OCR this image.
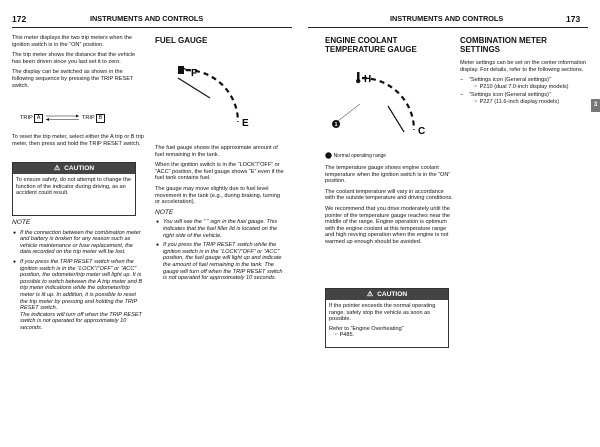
172	INSTRUMENTS AND CONTROLS

This meter displays the two trip meters when the ignition switch is in the “ON” position.

The trip meter shows the distance that the vehicle has been driven since you last set it to zero.

The display can be switched as shown in the following sequence by pressing the TRIP RESET switch.

TRIP A	TRIP B

To reset the trip meter, select either the A trip or B trip meter, then press and hold the TRIP RESET switch.

⚠ CAUTION
To ensure safety, do not attempt to change the function of the indicator during driving, as an accident could result.
NOTE
● If the connection between the combination meter and battery is broken for any reason such as vehicle maintenance or fuse replacement, the data recorded on the trip meter will be lost.
● If you press the TRIP RESET switch when the ignition switch is in the “LOCK”/“OFF” or “ACC” position, the odometer/trip meter will light up. It is possible to switch between the A trip meter and B trip meter indications while the odometer/trip meter is lit up. In addition, it is possible to reset the trip meter by pressing and holding the TRIP RESET switch.
The indicators will turn off when the TRIP RESET switch is not operated for approximately 10 seconds.
FUEL GAUGE
F
E

The fuel gauge shows the approximate amount of fuel remaining in the tank.

When the ignition switch is in the “LOCK”/“OFF” or “ACC” position, the fuel gauge shows “E” even if the fuel tank contains fuel.

The gauge may move slightly due to fuel level movement in the tank (e.g., during braking, turning or acceleration).

NOTE
● You will see the “ ” sign in the fuel gauge. This indicates that the fuel filler lid is located on the right side of the vehicle.
● If you press the TRIP RESET switch while the ignition switch is in the “LOCK”/“OFF” or “ACC” position, the fuel gauge will light up and indicate the amount of fuel remaining in the tank. The gauge will turn off when the TRIP RESET switch is not operated for approximately 10 seconds.
INSTRUMENTS AND CONTROLS	173
3
ENGINE COOLANT TEMPERATURE GAUGE
H
C
1
Normal operating range

The temperature gauge shows engine coolant temperature when the ignition switch is in the “ON” position.

The coolant temperature will vary in accordance with the outside temperature and driving conditions.

We recommend that you drive moderately until the pointer of the temperature gauge reaches near the middle of the range. Engine operation is optimum with the engine coolant at this temperature range and high revving operation when the engine is not warmed up enough should be avoided.

⚠ CAUTION

If the pointer exceeds the normal operating range, safely stop the vehicle as soon as possible.

Refer to “Engine Overheating”

☞ P485.

COMBINATION METER SETTINGS

Meter settings can be set on the center information display. For details, refer to the following sections.

– “Settings icon (General settings)”
☞ P210 (dual 7.0-inch display models)
– “Settings icon (General settings)”
☞ P227 (11.6-inch display models)
